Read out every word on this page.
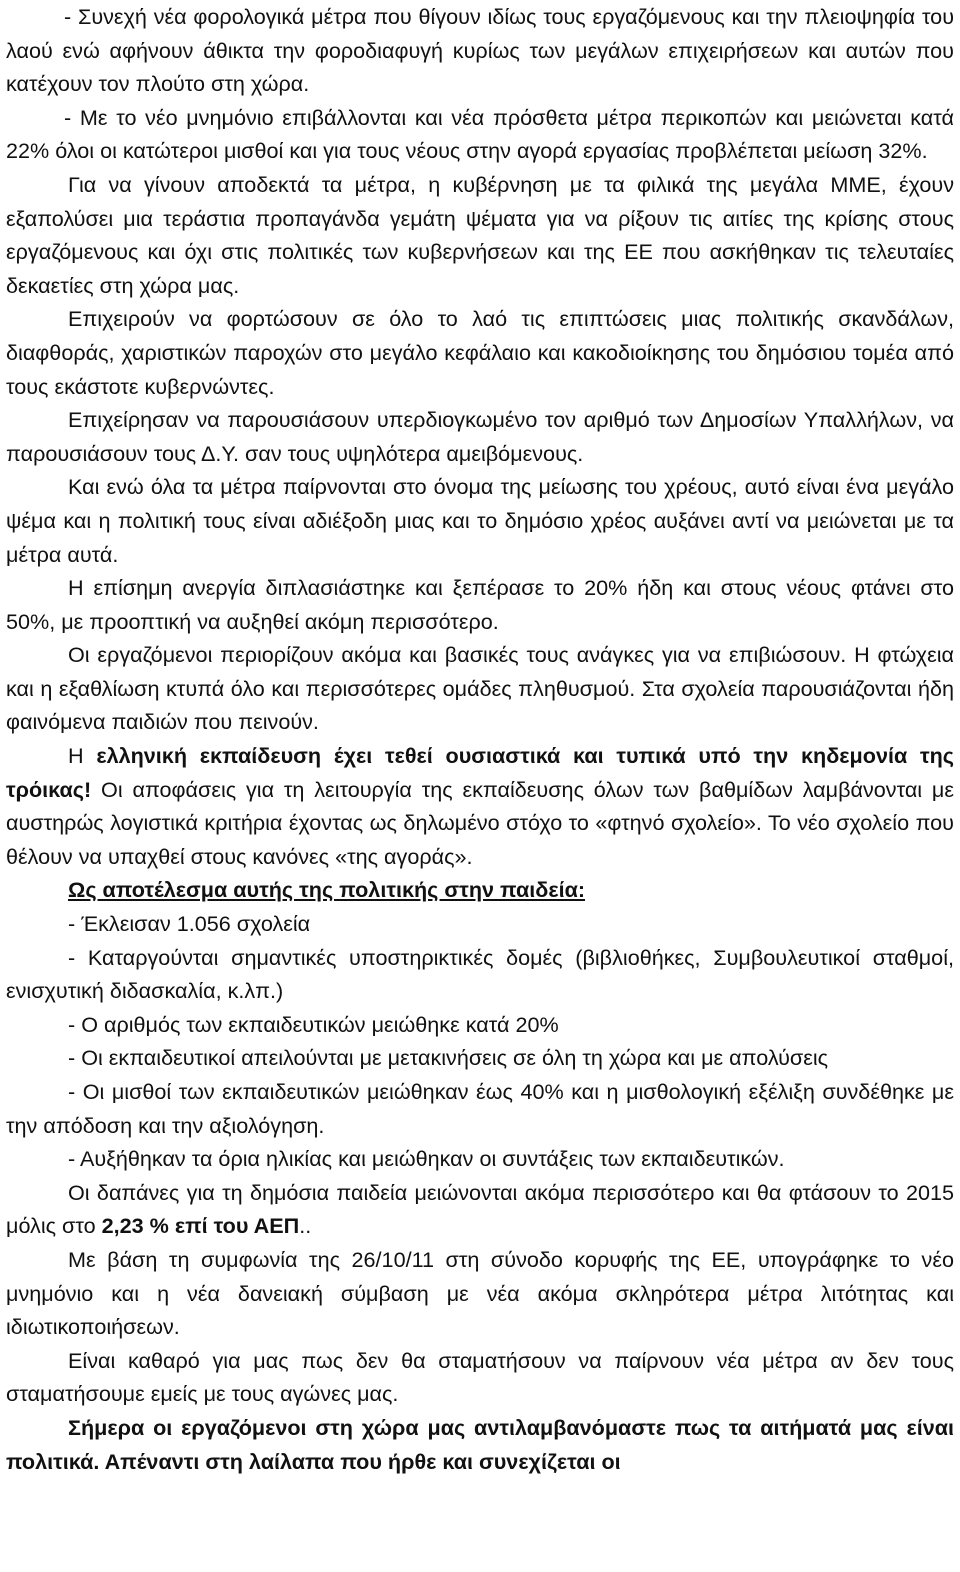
- Συνεχή νέα φορολογικά μέτρα που θίγουν ιδίως τους εργαζόμενους και την πλειοψηφία του λαού ενώ αφήνουν άθικτα την φοροδιαφυγή κυρίως των μεγάλων επιχειρήσεων και αυτών που κατέχουν τον πλούτο στη χώρα.

- Με το νέο μνημόνιο επιβάλλονται και νέα πρόσθετα μέτρα περικοπών και μειώνεται κατά 22% όλοι οι κατώτεροι μισθοί και για τους νέους στην αγορά εργασίας προβλέπεται μείωση 32%.

Για να γίνουν αποδεκτά τα μέτρα, η κυβέρνηση με τα φιλικά της μεγάλα ΜΜΕ, έχουν εξαπολύσει μια τεράστια προπαγάνδα γεμάτη ψέματα για να ρίξουν τις αιτίες της κρίσης στους εργαζόμενους και όχι στις πολιτικές των κυβερνήσεων και της ΕΕ που ασκήθηκαν τις τελευταίες δεκαετίες στη χώρα μας.

Επιχειρούν να φορτώσουν σε όλο το λαό τις επιπτώσεις μιας πολιτικής σκανδάλων, διαφθοράς, χαριστικών παροχών στο μεγάλο κεφάλαιο και κακοδιοίκησης του δημόσιου τομέα από τους εκάστοτε κυβερνώντες.

Επιχείρησαν να παρουσιάσουν υπερδιογκωμένο τον αριθμό των Δημοσίων Υπαλλήλων, να παρουσιάσουν τους Δ.Υ. σαν τους υψηλότερα αμειβόμενους.

Και ενώ όλα τα μέτρα παίρνονται στο όνομα της μείωσης του χρέους, αυτό είναι ένα μεγάλο ψέμα και η πολιτική τους είναι αδιέξοδη μιας και το δημόσιο χρέος αυξάνει αντί να μειώνεται με τα μέτρα αυτά.

Η επίσημη ανεργία διπλασιάστηκε και ξεπέρασε το 20% ήδη και στους νέους φτάνει στο 50%, με προοπτική να αυξηθεί ακόμη περισσότερο.

Οι εργαζόμενοι περιορίζουν ακόμα και βασικές τους ανάγκες για να επιβιώσουν. Η φτώχεια και η εξαθλίωση κτυπά όλο και περισσότερες ομάδες πληθυσμού. Στα σχολεία παρουσιάζονται ήδη φαινόμενα παιδιών που πεινούν.

Η ελληνική εκπαίδευση έχει τεθεί ουσιαστικά και τυπικά υπό την κηδεμονία της τρόικας! Οι αποφάσεις για τη λειτουργία της εκπαίδευσης όλων των βαθμίδων λαμβάνονται με αυστηρώς λογιστικά κριτήρια έχοντας ως δηλωμένο στόχο το «φτηνό σχολείο». Το νέο σχολείο που θέλουν να υπαχθεί στους κανόνες «της αγοράς».

Ως αποτέλεσμα αυτής της πολιτικής στην παιδεία:

- Έκλεισαν 1.056 σχολεία

- Καταργούνται σημαντικές υποστηρικτικές δομές (βιβλιοθήκες, Συμβουλευτικοί σταθμοί, ενισχυτική διδασκαλία, κ.λπ.)

- Ο αριθμός των εκπαιδευτικών μειώθηκε κατά 20%

- Οι εκπαιδευτικοί απειλούνται με μετακινήσεις σε όλη τη χώρα και με απολύσεις

- Οι μισθοί των εκπαιδευτικών μειώθηκαν έως 40% και η μισθολογική εξέλιξη συνδέθηκε με την απόδοση και την αξιολόγηση.

- Αυξήθηκαν τα όρια ηλικίας και μειώθηκαν οι συντάξεις των εκπαιδευτικών.

Οι δαπάνες για τη δημόσια παιδεία μειώνονται ακόμα περισσότερο και θα φτάσουν το 2015 μόλις στο 2,23 % επί του ΑΕΠ..

Με βάση τη συμφωνία της 26/10/11 στη σύνοδο κορυφής της ΕΕ, υπογράφηκε το νέο μνημόνιο και η νέα δανειακή σύμβαση με νέα ακόμα σκληρότερα μέτρα λιτότητας και ιδιωτικοποιήσεων.

Είναι καθαρό για μας πως δεν θα σταματήσουν να παίρνουν νέα μέτρα αν δεν τους σταματήσουμε εμείς με τους αγώνες μας.

Σήμερα οι εργαζόμενοι στη χώρα μας αντιλαμβανόμαστε πως τα αιτήματά μας είναι πολιτικά. Απέναντι στη λαίλαπα που ήρθε και συνεχίζεται οι
